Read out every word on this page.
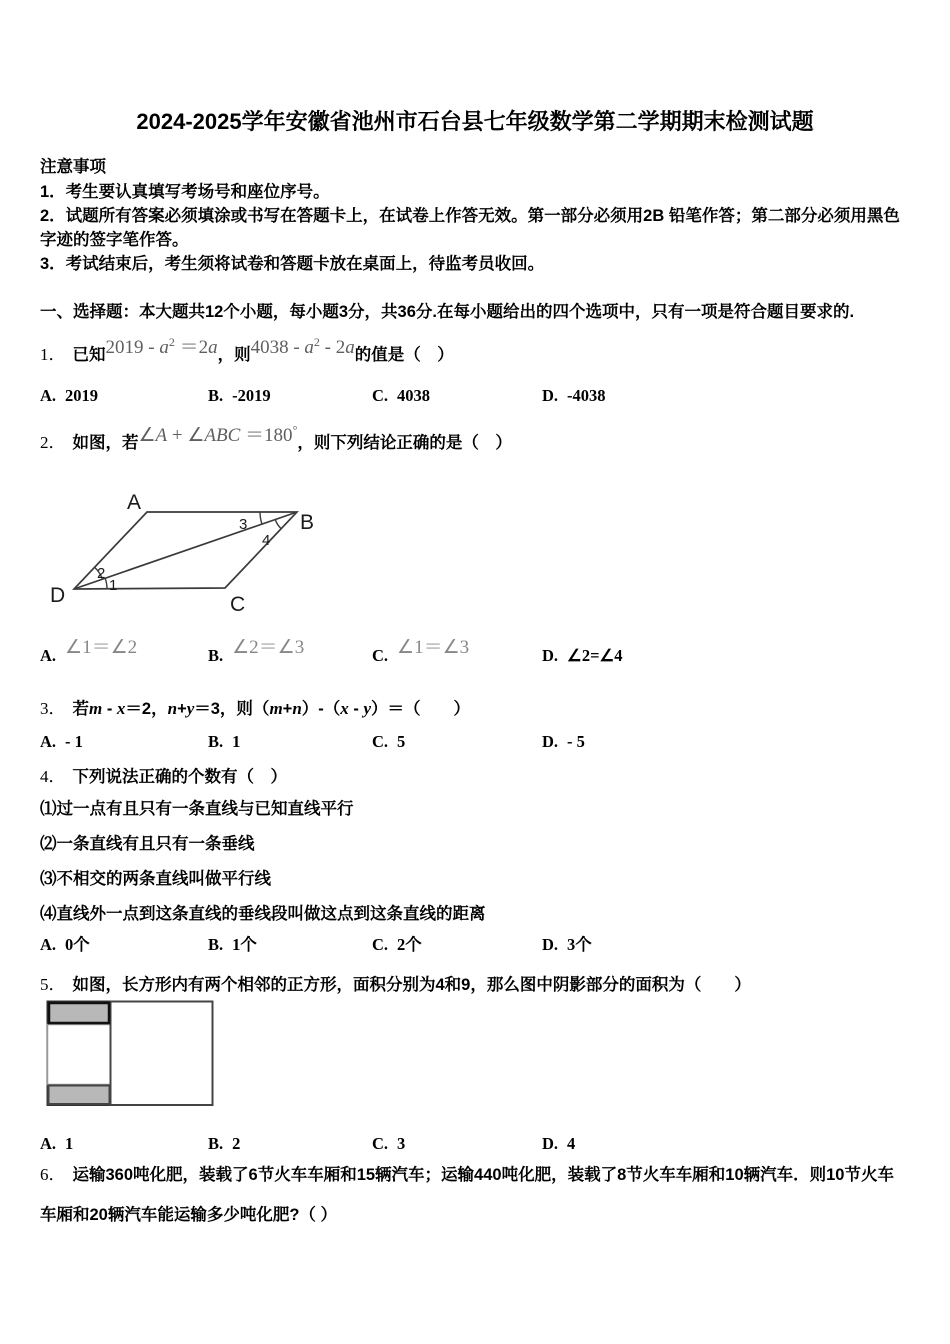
2024-2025学年安徽省池州市石台县七年级数学第二学期期末检测试题
注意事项
1．考生要认真填写考场号和座位序号。
2．试题所有答案必须填涂或书写在答题卡上，在试卷上作答无效。第一部分必须用2B 铅笔作答；第二部分必须用黑色字迹的签字笔作答。
3．考试结束后，考生须将试卷和答题卡放在桌面上，待监考员收回。
一、选择题：本大题共12个小题，每小题3分，共36分.在每小题给出的四个选项中，只有一项是符合题目要求的.
1． 已知$2019 - a^2 =2a$，则$4038 - a^2 - 2a$的值是（　）
A. 2019	B. -2019	C. 4038	D. -4038
2． 如图，若∠A + ∠ABC ＝180°，则下列结论正确的是（　）
A
B
C
D	1
2
3
4
A. ∠1＝∠2	B. ∠2＝∠3	C. ∠1＝∠3	D. ∠2=∠4
3． 若m - x＝2，n+y＝3，则（m+n）-（x - y）＝（　　）
A. - 1	B. 1	C. 5	D. - 5
4． 下列说法正确的个数有（　）
⑴过一点有且只有一条直线与已知直线平行
⑵一条直线有且只有一条垂线
⑶不相交的两条直线叫做平行线
⑷直线外一点到这条直线的垂线段叫做这点到这条直线的距离
A. 0个	B. 1个	C. 2个	D. 3个
5． 如图，长方形内有两个相邻的正方形，面积分别为4和9，那么图中阴影部分的面积为（　　）
A. 1	B. 2	C. 3	D. 4
6． 运输360吨化肥，装载了6节火车车厢和15辆汽车；运输440吨化肥，装载了8节火车车厢和10辆汽车．则10节火车车厢和20辆汽车能运输多少吨化肥?（ ）
